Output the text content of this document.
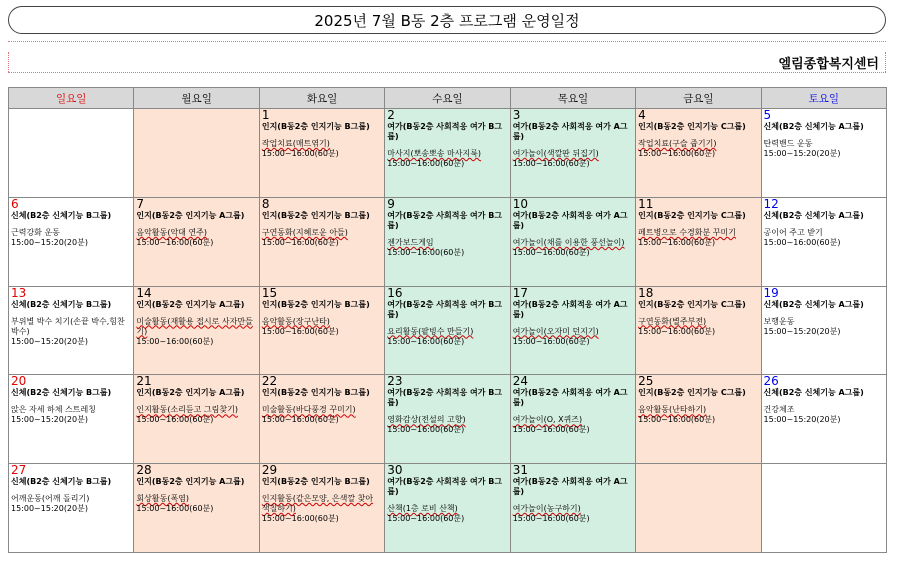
2025년 7월 B동 2층 프로그램 운영일정
엘림종합복지센터
일요일	월요일	화요일	수요일	목요일	금요일	토요일

		1
인지(B동2층 인지기능 B그룹)
작업치료(매트엮기)
15:00~16:00(60분)	2
여가(B동2층 사회적응 여가 B그룹)
마사지(뽀송뽀송 마사지룩)
15:00~16:00(60분)	3
여가(B동2층 사회적응 여가 A그룹)
여가놀이(색깔판 뒤집기)
15:00~16:00(60분)	4
인지(B동2층 인지기능 C그룹)
작업치료(구슬 줍기기)
15:00~16:00(60분)	5
신체(B2층 신체기능 A그룹)
탄력밴드 운동
15:00~15:20(20분)

6
신체(B2층 신체기능 B그룹)
근력강화 운동
15:00~15:20(20분)	7
인지(B동2층 인지기능 A그룹)
음악활동(악대 연주)
15:00~16:00(60분)	8
인지(B동2층 인지기능 B그룹)
구연동화(지혜로운 아들)
15:00~16:00(60분)	9
여가(B동2층 사회적응 여가 B그룹)
젠가보드게임
15:00~16:00(60분)	10
여가(B동2층 사회적응 여가 A그룹)
여가놀이(채를 이용한 풍선놀이)
15:00~16:00(60분)	11
인지(B동2층 인지기능 C그룹)
페트병으로 수경화분 꾸미기
15:00~16:00(60분)	12
신체(B2층 신체기능 A그룹)
공이어 주고 받기
15:00~16:00(60분)

13
신체(B2층 신체기능 B그룹)
부위별 박수 치기(손끝 박수,힘찬 박수)
15:00~15:20(20분)	14
인지(B동2층 인지기능 A그룹)
미술활동(재활용 접시로 사자만들기)
15:00~16:00(60분)	15
인지(B동2층 인지기능 B그룹)
음악활동(장구난타)
15:00~16:00(60분)	16
여가(B동2층 사회적응 여가 B그룹)
요리활동(팥빙수 만들기)
15:00~16:00(60분)	17
여가(B동2층 사회적응 여가 A그룹)
여가놀이(오자미 던지기)
15:00~16:00(60분)	18
인지(B동2층 인지기능 C그룹)
구연동화(별주부전)
15:00~16:00(60분)	19
신체(B2층 신체기능 A그룹)
보행운동
15:00~15:20(20분)

20
신체(B2층 신체기능 B그룹)
앉은 자세 하체 스트레칭
15:00~15:20(20분)	21
인지(B동2층 인지기능 A그룹)
인지활동(소리듣고 그림찾기)
15:00~16:00(60분)	22
인지(B동2층 인지기능 B그룹)
미술활동(바다풍경 꾸미기)
15:00~16:00(60분)	23
여가(B동2층 사회적응 여가 B그룹)
영화감상(전설의 고향)
15:00~16:00(60분)	24
여가(B동2층 사회적응 여가 A그룹)
여가놀이(O, X퀴즈)
15:00~16:00(60분)	25
인지(B동2층 인지기능 C그룹)
음악활동(난타하기)
15:00~16:00(60분)	26
신체(B2층 신체기능 A그룹)
건강체조
15:00~15:20(20분)

27
신체(B2층 신체기능 B그룹)
어깨운동(어깨 돌리기)
15:00~15:20(20분)	28
인지(B동2층 인지기능 A그룹)
회상활동(폭염)
15:00~16:00(60분)	29
인지(B동2층 인지기능 B그룹)
인지활동(같은모양, 은색깔 찾아 색칠하기)
15:00~16:00(60분)	30
여가(B동2층 사회적응 여가 B그룹)
산책(1층 로비 산책)
15:00~16:00(60분)	31
여가(B동2층 사회적응 여가 A그룹)
여가놀이(농구하기)
15:00~16:00(60분)		
